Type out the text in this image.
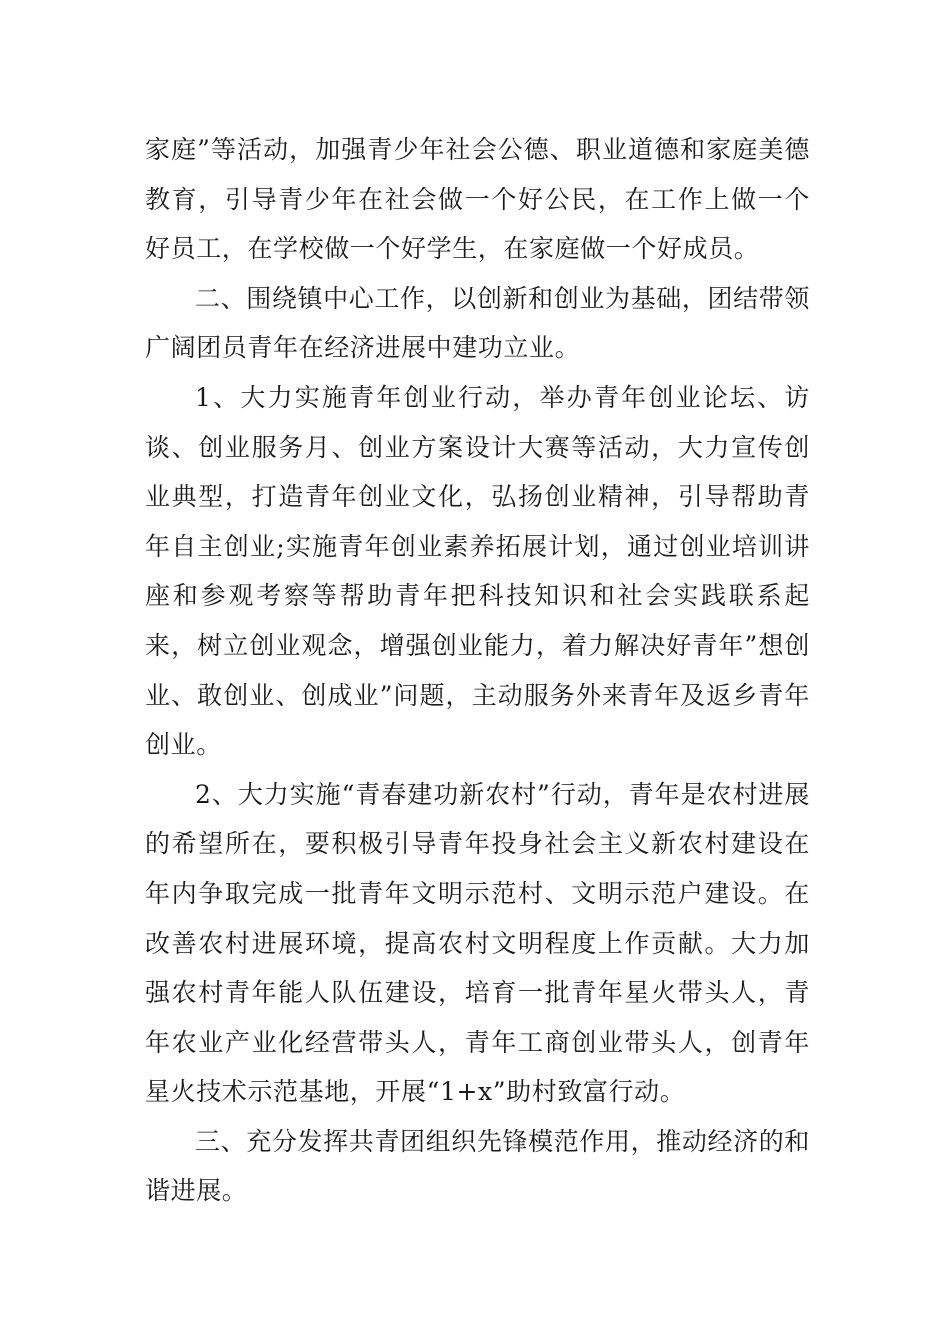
家庭”等活动，加强青少年社会公德、职业道德和家庭美德教育，引导青少年在社会做一个好公民，在工作上做一个好员工，在学校做一个好学生，在家庭做一个好成员。

二、围绕镇中心工作，以创新和创业为基础，团结带领广阔团员青年在经济进展中建功立业。

1、大力实施青年创业行动，举办青年创业论坛、访谈、创业服务月、创业方案设计大赛等活动，大力宣传创业典型，打造青年创业文化，弘扬创业精神，引导帮助青年自主创业;实施青年创业素养拓展计划，通过创业培训讲座和参观考察等帮助青年把科技知识和社会实践联系起来，树立创业观念，增强创业能力，着力解决好青年”想创业、敢创业、创成业”问题，主动服务外来青年及返乡青年创业。

2、大力实施“青春建功新农村”行动，青年是农村进展的希望所在，要积极引导青年投身社会主义新农村建设在年内争取完成一批青年文明示范村、文明示范户建设。在改善农村进展环境，提高农村文明程度上作贡献。大力加强农村青年能人队伍建设，培育一批青年星火带头人，青年农业产业化经营带头人，青年工商创业带头人，创青年星火技术示范基地，开展“1+x”助村致富行动。

三、充分发挥共青团组织先锋模范作用，推动经济的和谐进展。
